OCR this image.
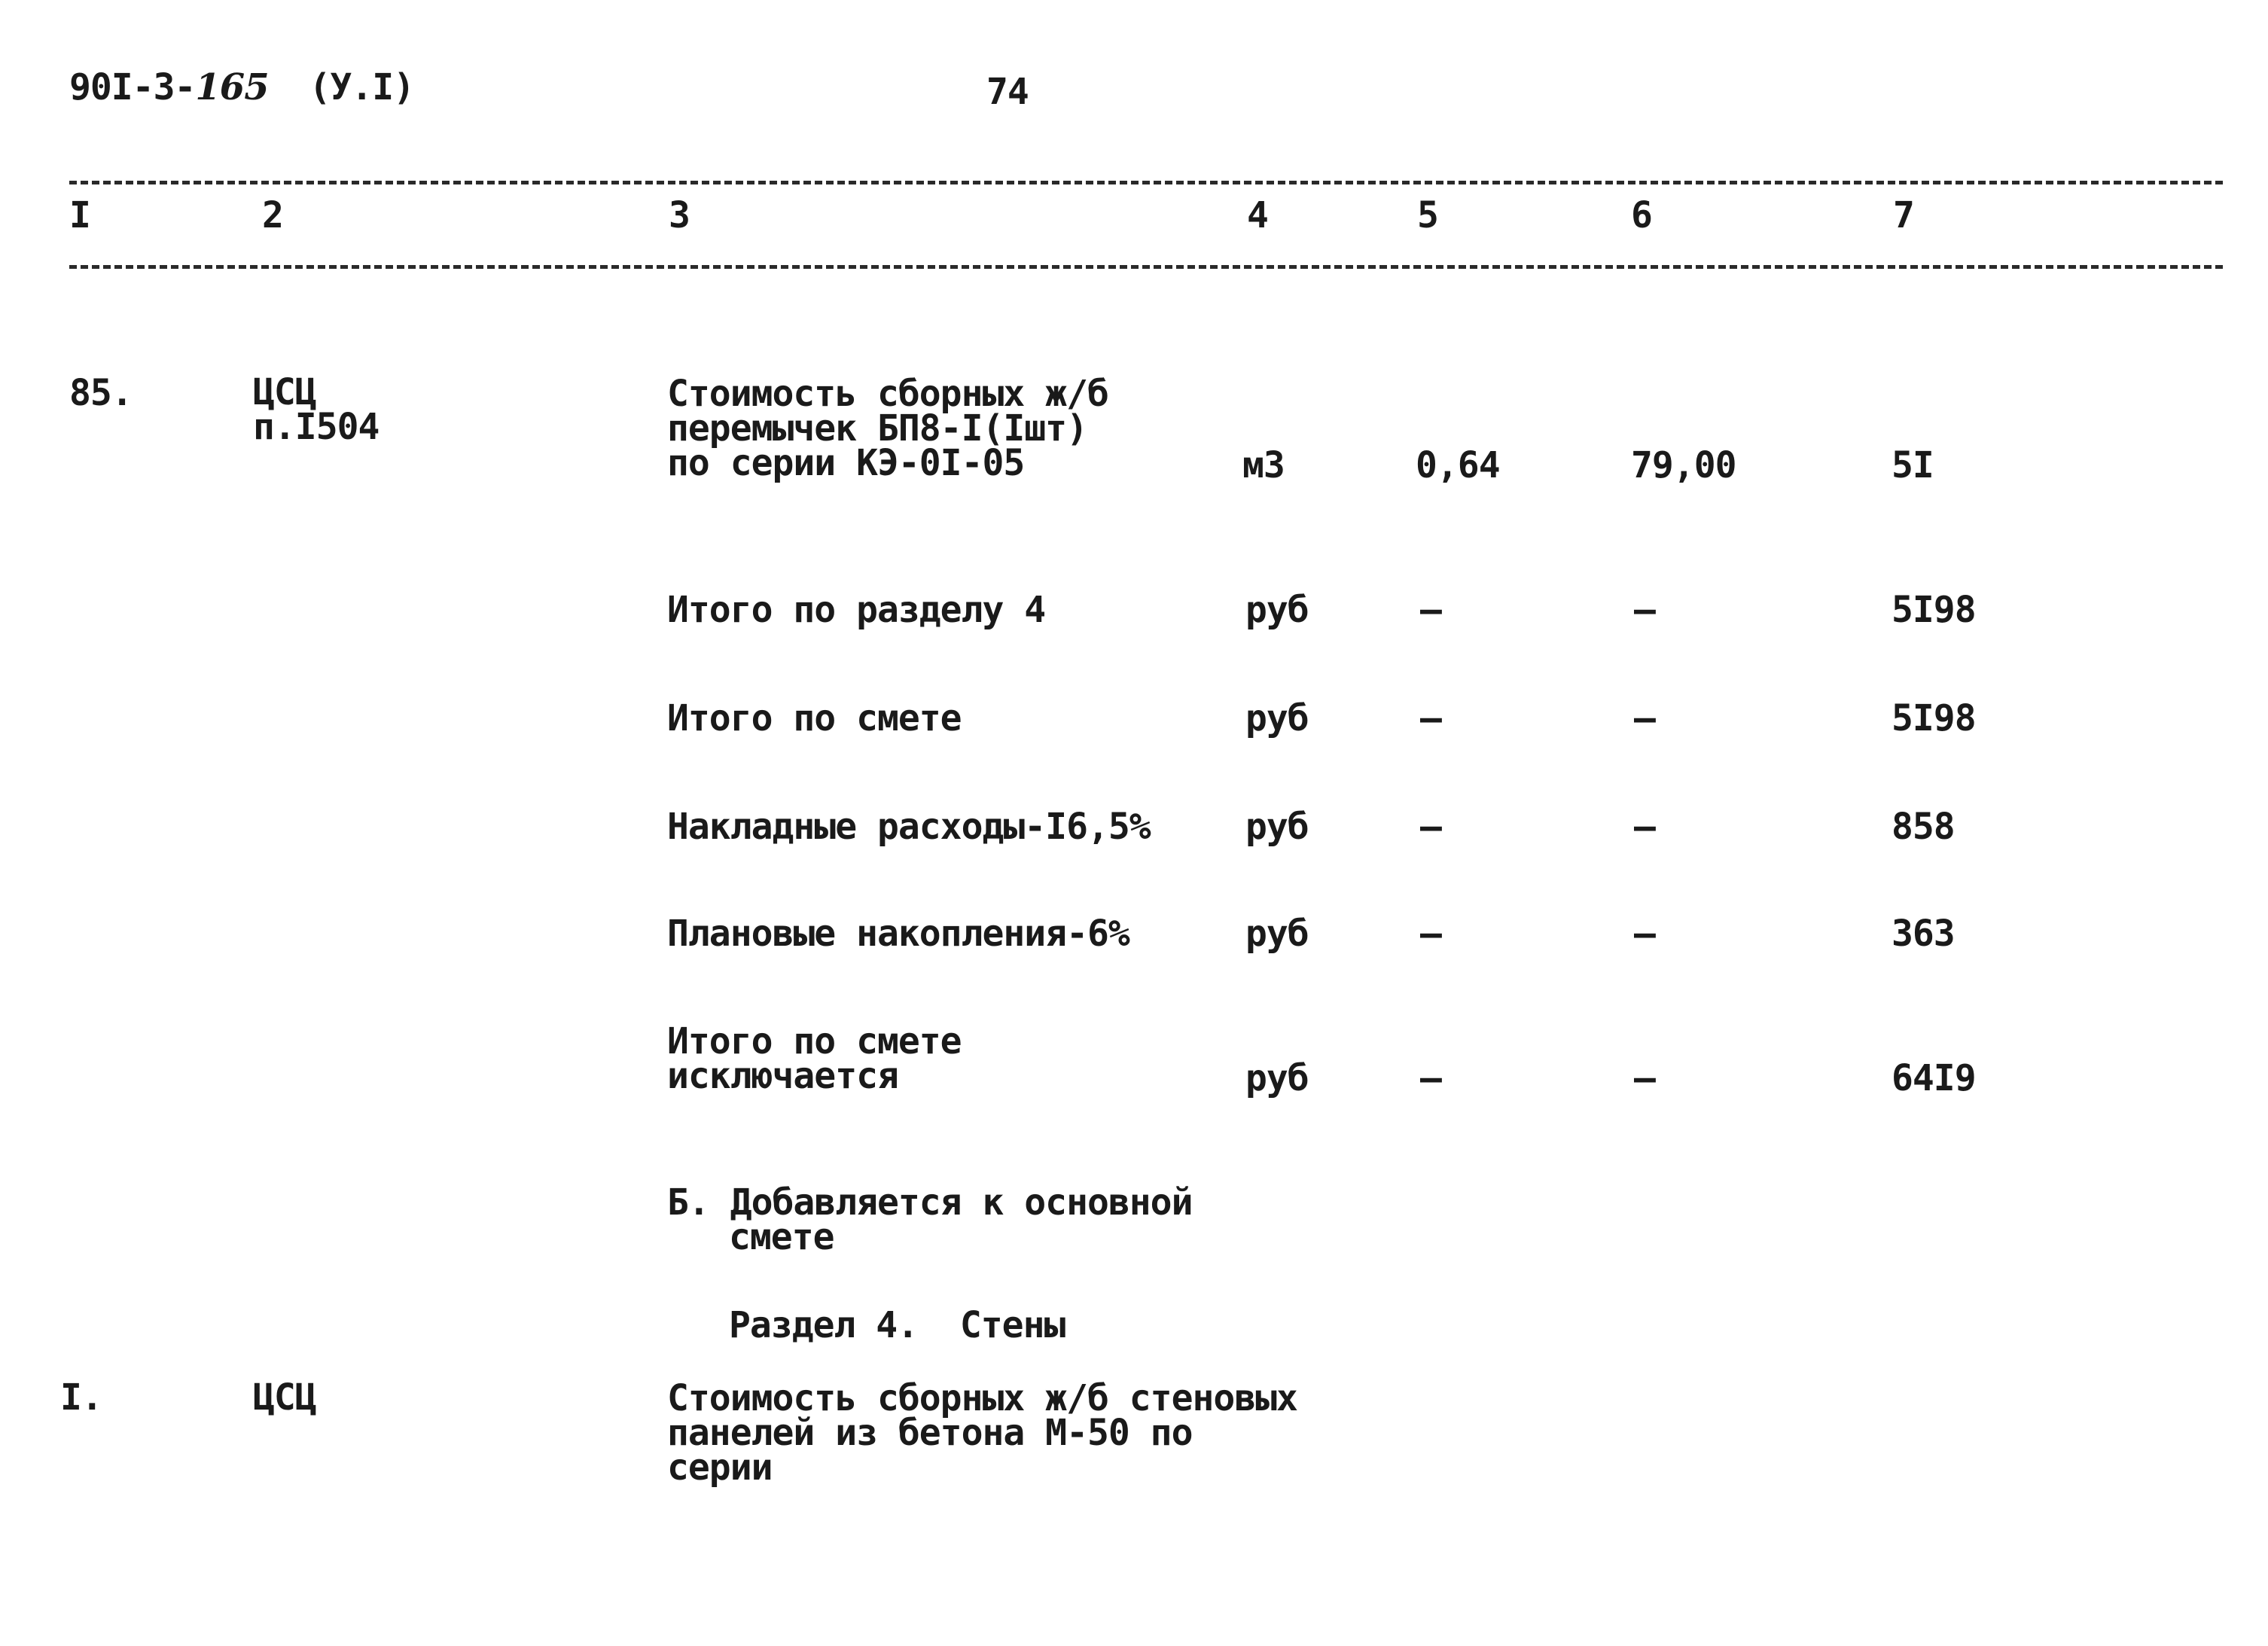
90I-3-165 (У.I)	74
I	2	3	4	5	6	7
85.	ЦСЦ
п.I504
Стоимость сборных ж/б
перемычек БП8-I(Iшт)
по серии КЭ-0I-05	м3	0,64	79,00	5I
Итого по разделу 4	руб	–	–	5I98
Итого по смете	руб	–	–	5I98
Накладные расходы-I6,5%	руб	–	–	858
Плановые накопления-6%	руб	–	–	363
Итого по смете
исключается	руб	–	–	64I9
Б. Добавляется к основной
смете
Раздел 4.  Стены
I.	ЦСЦ	Стоимость сборных ж/б стеновых
панелей из бетона М-50 по
серии
